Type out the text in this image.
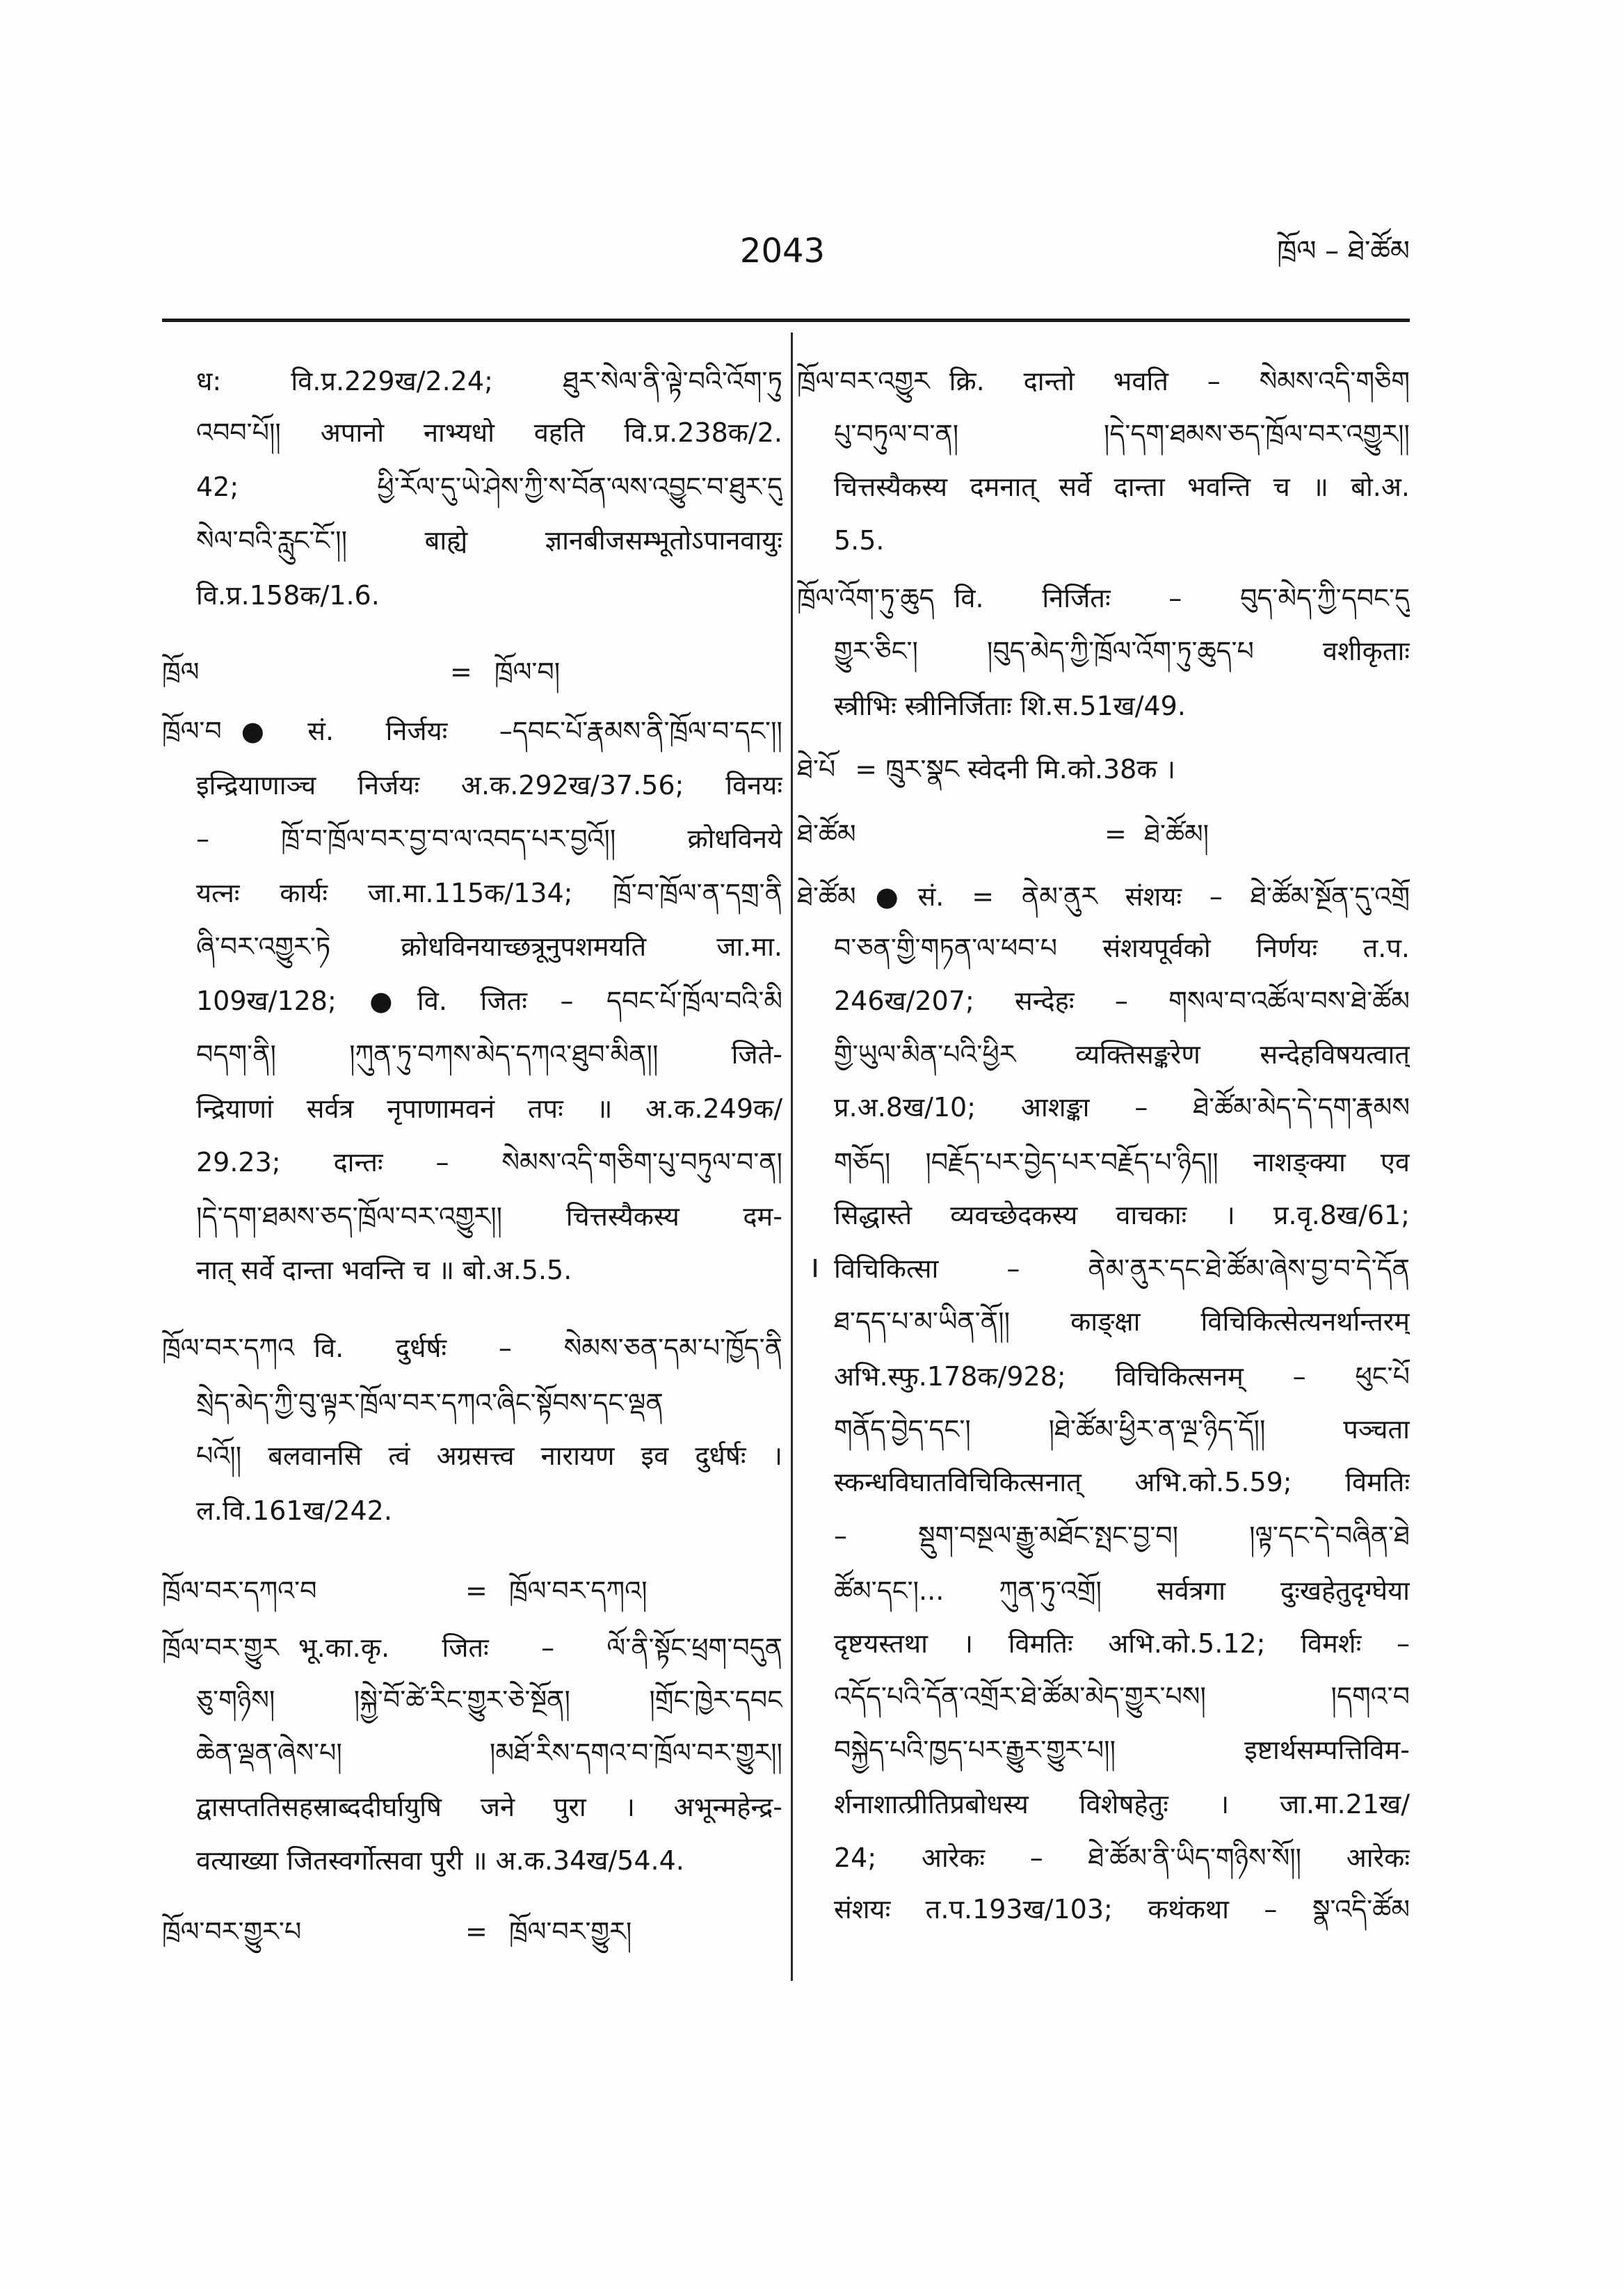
2043	ཁྲོལ – ཐེ་ཚོམ
ध: वि.प्र.229ख/2.24; ཐུར་སེལ་ནི་ལྟེ་བའི་འོག་ཏུ
འབབ་པོ།། अपानो नाभ्यधो वहति वि.प्र.238क/2.
42; ཕྱི་རོལ་དུ་ཡེ་ཤེས་ཀྱི་ས་བོན་ལས་འབྱུང་བ་ཐུར་དུ
སེལ་བའི་རླུང་ངོ་།། बाह्ये ज्ञानबीजसम्भूतोऽपानवायुः
वि.प्र.158क/1.6.
ཁྲོལ	= ཁྲོལ་བ།
ཁྲོལ་བ ●सं. निर्जयः –དབང་པོ་རྣམས་ནི་ཁྲོལ་བ་དང་།།
इन्द्रियाणाञ्च निर्जयः अ.क.292ख/37.56; विनयः
– ཁྲོ་བ་ཁྲོལ་བར་བྱ་བ་ལ་འབད་པར་བྱའོ།། क्रोधविनये
यत्नः कार्यः जा.मा.115क/134; ཁྲོ་བ་ཁྲོལ་ན་དགྲ་ནི
ཞི་བར་འགྱུར་ཏེ क्रोधविनयाच्छत्रूनुपशमयति जा.मा.
109ख/128; ●वि. जितः – དབང་པོ་ཁྲོལ་བའི་མི
བདག་ནི། །ཀུན་ཏུ་བཀས་མེད་དཀའ་ཐུབ་མིན།། जिते-
न्द्रियाणां सर्वत्र नृपाणामवनं तपः ॥ अ.क.249क/
29.23; दान्तः – སེམས་འདི་གཅིག་པུ་བཏུལ་བ་ན།
།དེ་དག་ཐམས་ཅད་ཁྲོལ་བར་འགྱུར།། चित्तस्यैकस्य दम-
नात् सर्वे दान्ता भवन्ति च ॥ बो.अ.5.5.
ཁྲོལ་བར་དཀའ वि. दुर्धर्षः – སེམས་ཅན་དམ་པ་ཁྱོད་ནི
སྲེད་མེད་ཀྱི་བུ་ལྟར་ཁྲོལ་བར་དཀའ་ཞིང་སྟོབས་དང་ལྡན
པའོ།། बलवानसि त्वं अग्रसत्त्व नारायण इव दुर्धर्षः ।
ल.वि.161ख/242.
ཁྲོལ་བར་དཀའ་བ	= ཁྲོལ་བར་དཀའ།
ཁྲོལ་བར་གྱུར भू.का.कृ. जितः – ལོ་ནི་སྟོང་ཕྲག་བདུན
ཅུ་གཉིས། །སྐྱེ་བོ་ཚེ་རིང་གྱུར་ཅེ་སྔོན། །གྲོང་ཁྱེར་དབང
ཆེན་ལྡན་ཞེས་པ། །མཐོ་རིས་དགའ་བ་ཁྲོལ་བར་གྱུར།།
द्वासप्ततिसहस्राब्ददीर्घायुषि जने पुरा । अभून्महेन्द्र-
वत्याख्या जितस्वर्गोत्सवा पुरी ॥ अ.क.34ख/54.4.
ཁྲོལ་བར་གྱུར་པ	= ཁྲོལ་བར་གྱུར།
ཁྲོལ་བར་འགྱུར क्रि. दान्तो भवति – སེམས་འདི་གཅིག
པུ་བཏུལ་བ་ན། །དེ་དག་ཐམས་ཅད་ཁྲོལ་བར་འགྱུར།།
चित्तस्यैकस्य दमनात् सर्वे दान्ता भवन्ति च ॥ बो.अ.
5.5.
ཁྲོལ་འོག་ཏུ་ཆུད वि. निर्जितः – བུད་མེད་ཀྱི་དབང་དུ
གྱུར་ཅིང་། །བུད་མེད་ཀྱི་ཁྲོལ་འོག་ཏུ་ཆུད་པ वशीकृताः
स्त्रीभिः स्त्रीनिर्जिताः शि.स.51ख/49.
ཐེ་པོ = ཁྲུར་སྣང स्वेदनी मि.को.38क ।
ཐེ་ཚོམ	= ཐེ་ཚོམ།
ཐེ་ཚོམ ●सं. = ནེམ་ནུར संशयः – ཐེ་ཚོམ་སྔོན་དུ་འགྲོ
བ་ཅན་གྱི་གཏན་ལ་ཕབ་པ संशयपूर्वको निर्णयः त.प.
246ख/207; सन्देहः – གསལ་བ་འཚོལ་བས་ཐེ་ཚོམ
གྱི་ཡུལ་མིན་པའི་ཕྱིར व्यक्तिसङ्करेण सन्देहविषयत्वात्
प्र.अ.8ख/10; आशङ्का – ཐེ་ཚོམ་མེད་དེ་དག་རྣམས
གཅོད། །བརྗོད་པར་བྱེད་པར་བརྗོད་པ་ཉིད།། नाशङ्क्या एव
सिद्धास्ते व्यवच्छेदकस्य वाचकाः । प्र.वृ.8ख/61;
विचिकित्सा – ནེམ་ནུར་དང་ཐེ་ཚོམ་ཞེས་བྱ་བ་དེ་དོན
ཐ་དད་པ་མ་ཡིན་ནོ།། काङ्क्षा विचिकित्सेत्यनर्थान्तरम्
अभि.स्फु.178क/928; विचिकित्सनम् – ཕུང་པོ
གནོད་བྱེད་དང་། །ཐེ་ཚོམ་ཕྱིར་ན་ལྔ་ཉིད་དོ།། पञ्चता
स्कन्धविघातविचिकित्सनात् अभि.को.5.59; विमतिः
– སྡུག་བསྔལ་རྒྱུ་མཐོང་སྤང་བྱ་བ། །ལྟ་དང་དེ་བཞིན་ཐེ
ཚོམ་དང་།... ཀུན་ཏུ་འགྲོ། सर्वत्रगा दुःखहेतुदृग्घेया
दृष्टयस्तथा । विमतिः अभि.को.5.12; विमर्शः –
འདོད་པའི་དོན་འགྲོར་ཐེ་ཚོམ་མེད་གྱུར་པས། །དགའ་བ
བསྐྱེད་པའི་ཁྱད་པར་རྒྱུར་གྱུར་པ།། इष्टार्थसम्पत्तिविम-
र्शनाशात्प्रीतिप्रबोधस्य विशेषहेतुः । जा.मा.21ख/
24; आरेकः – ཐེ་ཚོམ་ནི་ཡིད་གཉིས་སོ།། आरेकः
संशयः त.प.193ख/103; कथंकथा – སྣ་འདི་ཚོམ
